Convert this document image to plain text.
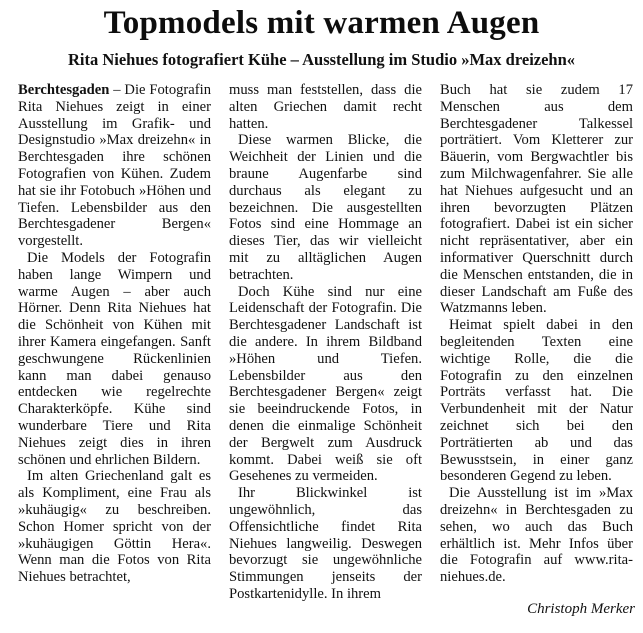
Topmodels mit warmen Augen
Rita Niehues fotografiert Kühe – Ausstellung im Studio »Max dreizehn«

Berchtesgaden – Die Fotografin Rita Niehues zeigt in einer Ausstellung im Grafik- und Designstudio »Max dreizehn« in Berchtesgaden ihre schönen Fotografien von Kühen. Zudem hat sie ihr Fotobuch »Höhen und Tiefen. Lebensbilder aus den Berchtesgadener Bergen« vorgestellt.

Die Models der Fotografin haben lange Wimpern und warme Augen – aber auch Hörner. Denn Rita Niehues hat die Schönheit von Kühen mit ihrer Kamera eingefangen. Sanft geschwungene Rückenlinien kann man dabei genauso entdecken wie regelrechte Charakterköpfe. Kühe sind wunderbare Tiere und Rita Niehues zeigt dies in ihren schönen und ehrlichen Bildern.

Im alten Griechenland galt es als Kompliment, eine Frau als »kuhäugig« zu beschreiben. Schon Homer spricht von der »kuhäugigen Göttin Hera«. Wenn man die Fotos von Rita Niehues betrachtet,

muss man feststellen, dass die alten Griechen damit recht hatten.

Diese warmen Blicke, die Weichheit der Linien und die braune Augenfarbe sind durchaus als elegant zu bezeichnen. Die ausgestellten Fotos sind eine Hommage an dieses Tier, das wir vielleicht mit zu alltäglichen Augen betrachten.

Doch Kühe sind nur eine Leidenschaft der Fotografin. Die Berchtesgadener Landschaft ist die andere. In ihrem Bildband »Höhen und Tiefen. Lebensbilder aus den Berchtesgadener Bergen« zeigt sie beeindruckende Fotos, in denen die einmalige Schönheit der Bergwelt zum Ausdruck kommt. Dabei weiß sie oft Gesehenes zu vermeiden.

Ihr Blickwinkel ist ungewöhnlich, das Offensichtliche findet Rita Niehues langweilig. Deswegen bevorzugt sie ungewöhnliche Stimmungen jenseits der Postkartenidylle. In ihrem

Buch hat sie zudem 17 Menschen aus dem Berchtesgadener Talkessel porträtiert. Vom Kletterer zur Bäuerin, vom Bergwachtler bis zum Milchwagenfahrer. Sie alle hat Niehues aufgesucht und an ihren bevorzugten Plätzen fotografiert. Dabei ist ein sicher nicht repräsentativer, aber ein informativer Querschnitt durch die Menschen entstanden, die in dieser Landschaft am Fuße des Watzmanns leben.

Heimat spielt dabei in den begleitenden Texten eine wichtige Rolle, die die Fotografin zu den einzelnen Porträts verfasst hat. Die Verbundenheit mit der Natur zeichnet sich bei den Porträtierten ab und das Bewusstsein, in einer ganz besonderen Gegend zu leben.

Die Ausstellung ist im »Max dreizehn« in Berchtesgaden zu sehen, wo auch das Buch erhältlich ist. Mehr Infos über die Fotografin auf www.rita-niehues.de.

Christoph Merker
